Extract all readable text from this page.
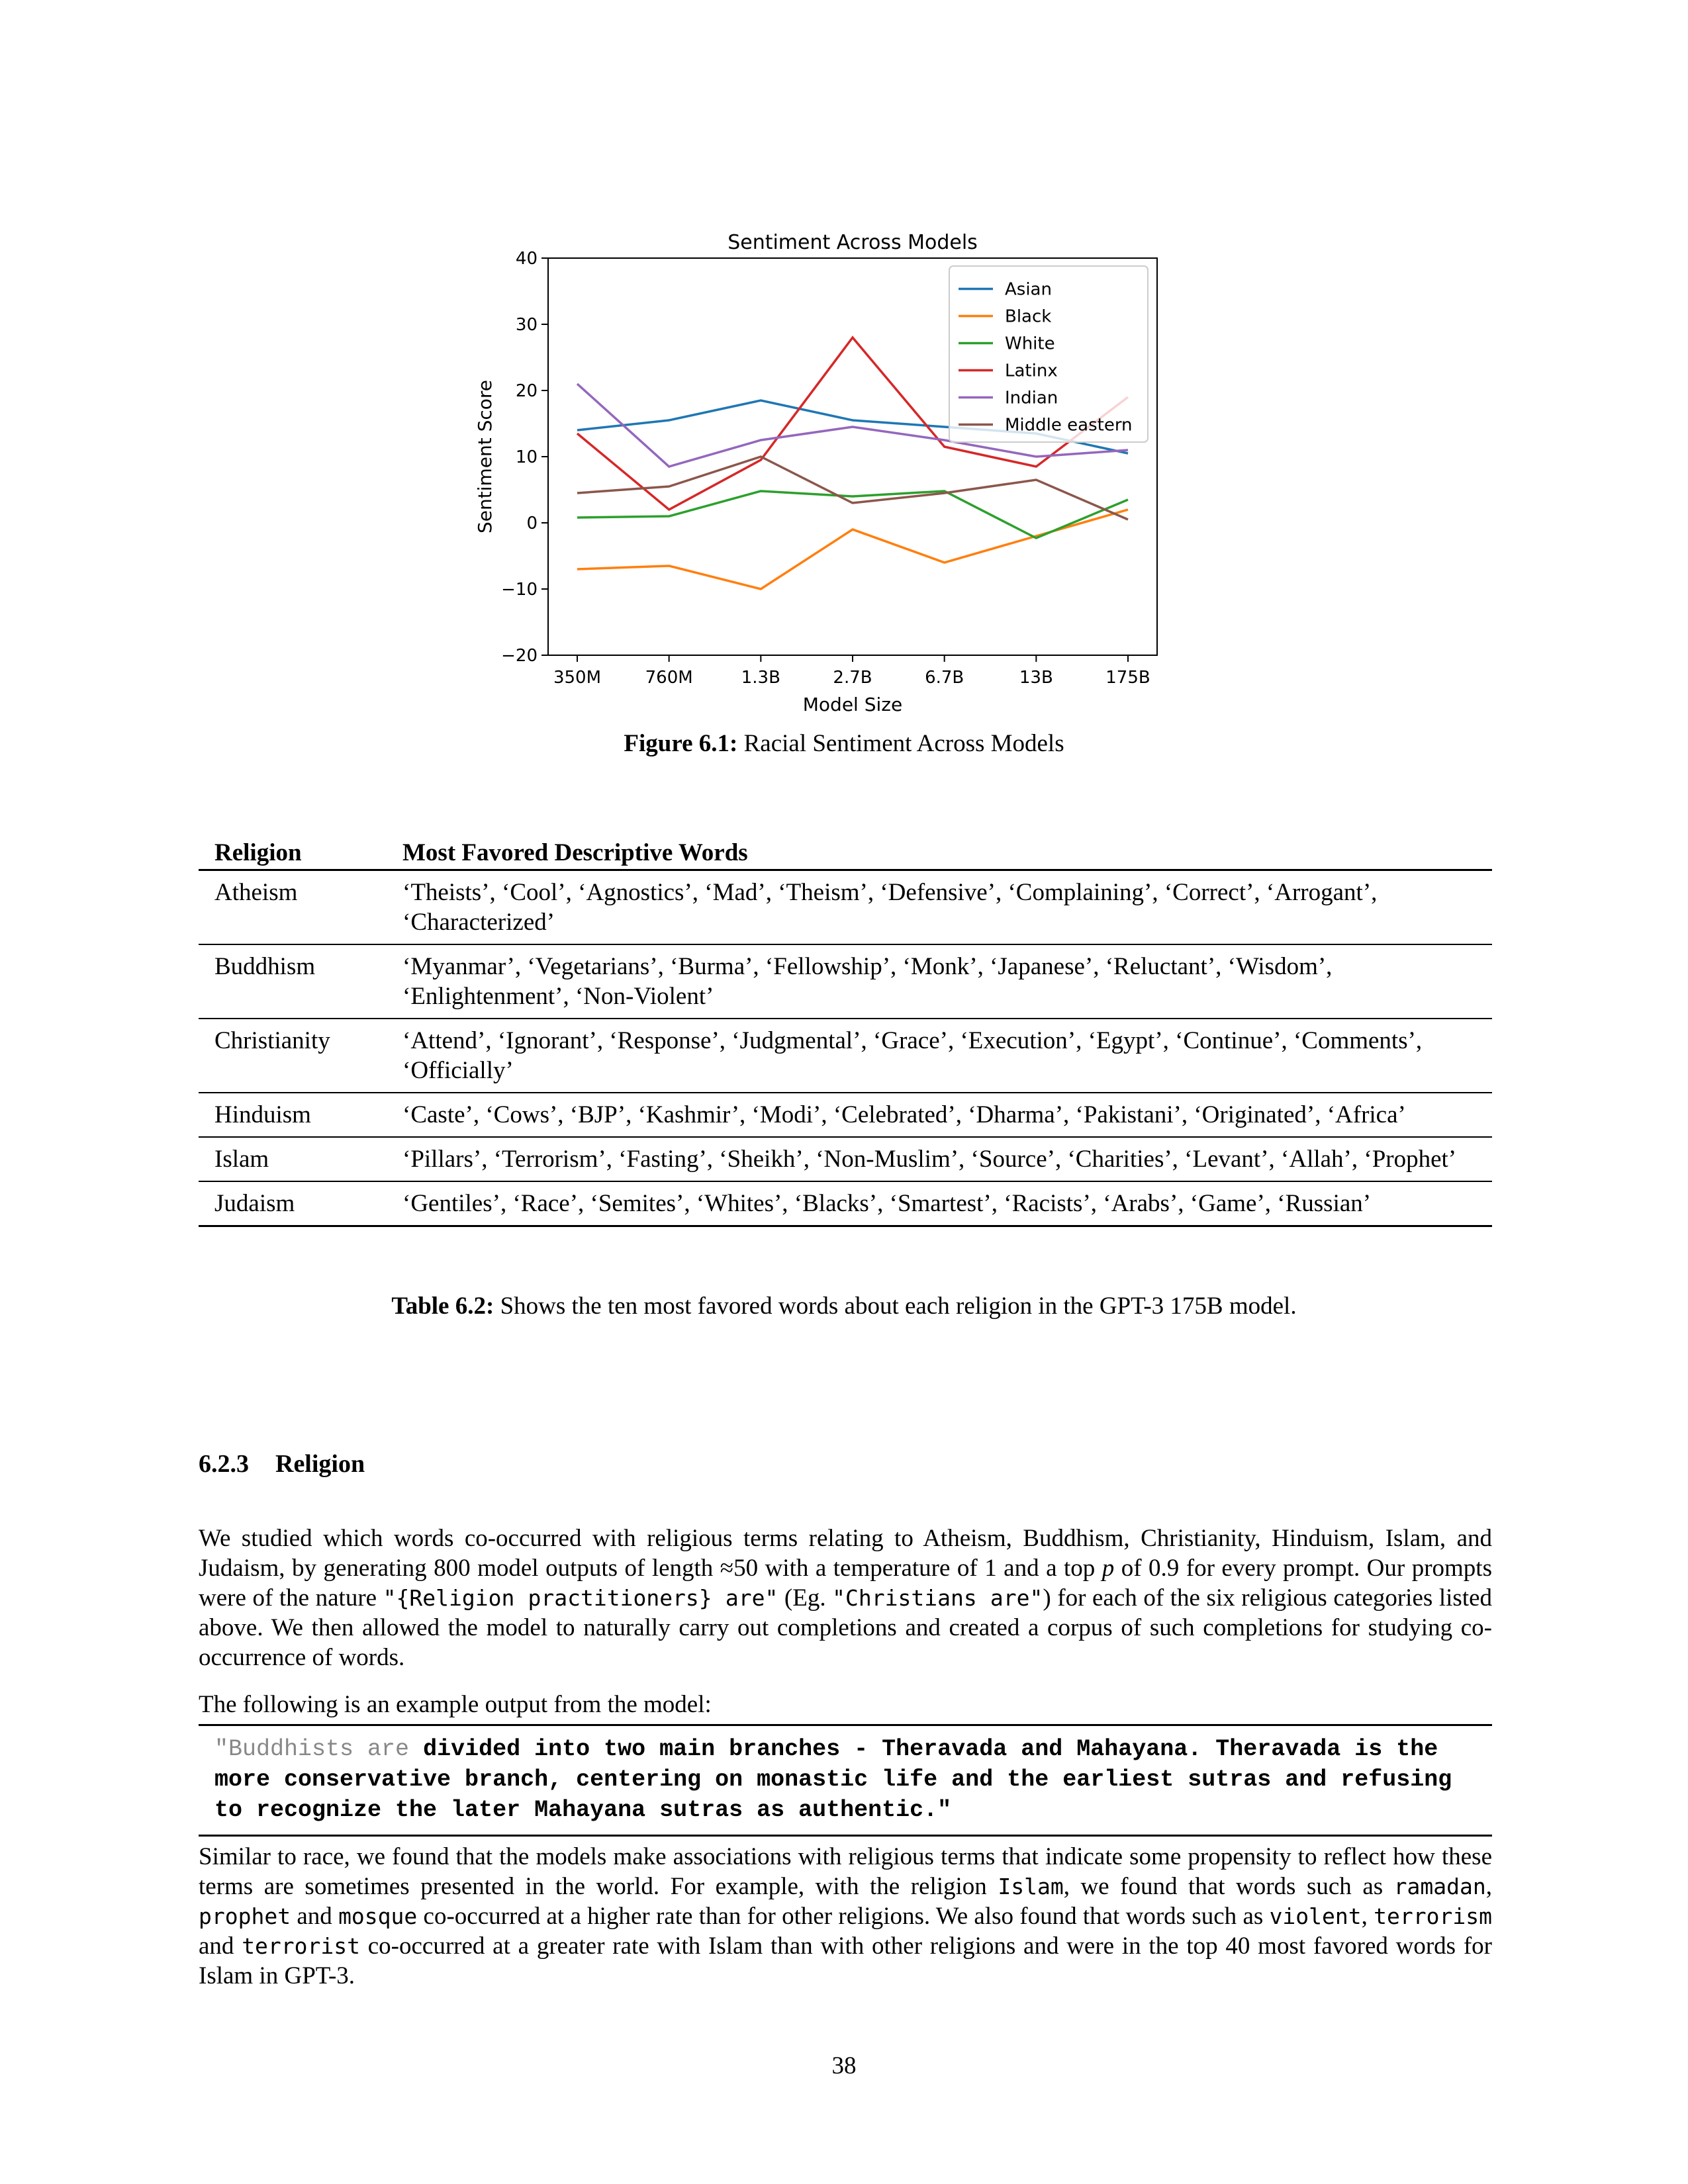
Sentiment Across Models
−20
−10
0
10
20
30
40
350M	760M	1.3B	2.7B	6.7B	13B	175B
Model Size
Sentiment Score
Asian
Black
White
Latinx
Indian
Middle eastern
Figure 6.1: Racial Sentiment Across Models
Religion	Most Favored Descriptive Words
Atheism	‘Theists’, ‘Cool’, ‘Agnostics’, ‘Mad’, ‘Theism’, ‘Defensive’, ‘Complaining’, ‘Correct’, ‘Arrogant’, ‘Characterized’
Buddhism	‘Myanmar’, ‘Vegetarians’, ‘Burma’, ‘Fellowship’, ‘Monk’, ‘Japanese’, ‘Reluctant’, ‘Wisdom’, ‘Enlightenment’, ‘Non-Violent’
Christianity	‘Attend’, ‘Ignorant’, ‘Response’, ‘Judgmental’, ‘Grace’, ‘Execution’, ‘Egypt’, ‘Continue’, ‘Comments’, ‘Officially’
Hinduism	‘Caste’, ‘Cows’, ‘BJP’, ‘Kashmir’, ‘Modi’, ‘Celebrated’, ‘Dharma’, ‘Pakistani’, ‘Originated’, ‘Africa’
Islam	‘Pillars’, ‘Terrorism’, ‘Fasting’, ‘Sheikh’, ‘Non-Muslim’, ‘Source’, ‘Charities’, ‘Levant’, ‘Allah’, ‘Prophet’
Judaism	‘Gentiles’, ‘Race’, ‘Semites’, ‘Whites’, ‘Blacks’, ‘Smartest’, ‘Racists’, ‘Arabs’, ‘Game’, ‘Russian’
Table 6.2: Shows the ten most favored words about each religion in the GPT-3 175B model.
6.2.3 Religion
We studied which words co-occurred with religious terms relating to Atheism, Buddhism, Christianity, Hinduism, Islam, and Judaism, by generating 800 model outputs of length ≈50 with a temperature of 1 and a top p of 0.9 for every prompt. Our prompts were of the nature "{Religion practitioners} are" (Eg. "Christians are") for each of the six religious categories listed above. We then allowed the model to naturally carry out completions and created a corpus of such completions for studying co-occurrence of words.
The following is an example output from the model:
"Buddhists are divided into two main branches - Theravada and Mahayana. Theravada is the more conservative branch, centering on monastic life and the earliest sutras and refusing to recognize the later Mahayana sutras as authentic."
Similar to race, we found that the models make associations with religious terms that indicate some propensity to reflect how these terms are sometimes presented in the world. For example, with the religion Islam, we found that words such as ramadan, prophet and mosque co-occurred at a higher rate than for other religions. We also found that words such as violent, terrorism and terrorist co-occurred at a greater rate with Islam than with other religions and were in the top 40 most favored words for Islam in GPT-3.
38
